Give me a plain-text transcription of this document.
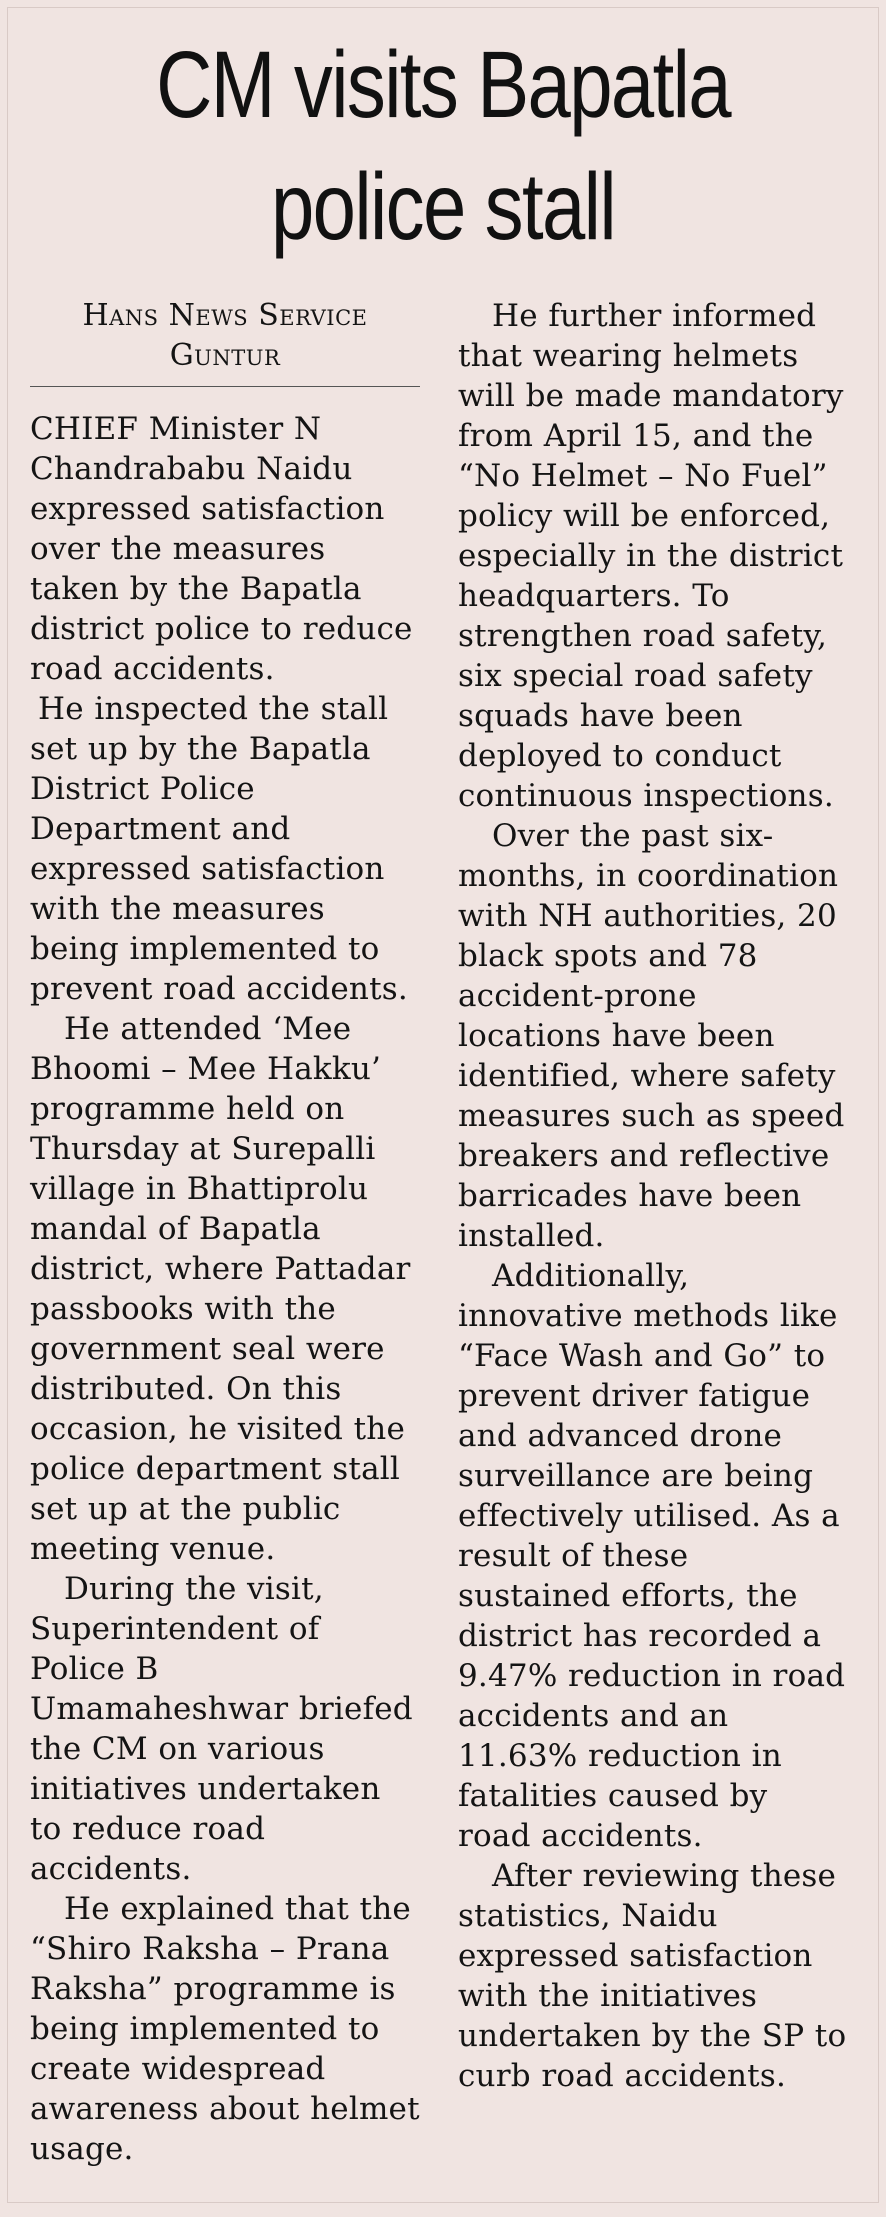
CM visits Bapatla
police stall
Hans News Service
Guntur

CHIEF Minister N Chandrababu Naidu expressed satisfaction over the measures taken by the Bapatla district police to reduce road accidents.

He inspected the stall set up by the Bapatla District Police Department and expressed satisfaction with the measures being implemented to prevent road accidents.

He attended ‘Mee Bhoomi – Mee Hakku’ programme held on Thursday at Surepalli village in Bhattiprolu mandal of Bapatla district, where Pattadar passbooks with the government seal were distributed. On this occasion, he visited the police department stall set up at the public meeting venue.

During the visit, Superintendent of Police B Umamaheshwar briefed the CM on various initiatives undertaken to reduce road accidents.

He explained that the “Shiro Raksha – Prana Raksha” programme is being implemented to create widespread awareness about helmet usage.

He further informed that wearing helmets will be made mandatory from April 15, and the “No Helmet – No Fuel” policy will be enforced, especially in the district headquarters. To strengthen road safety, six special road safety squads have been deployed to conduct continuous inspections.

Over the past six- months, in coordination with NH authorities, 20 black spots and 78 accident-prone locations have been identified, where safety measures such as speed breakers and reflective barricades have been installed.

Additionally, innovative methods like “Face Wash and Go” to prevent driver fatigue and advanced drone surveillance are being effectively utilised. As a result of these sustained efforts, the district has recorded a 9.47% reduction in road accidents and an 11.63% reduction in fatalities caused by road accidents.

After reviewing these statistics, Naidu expressed satisfaction with the initiatives undertaken by the SP to curb road accidents.
